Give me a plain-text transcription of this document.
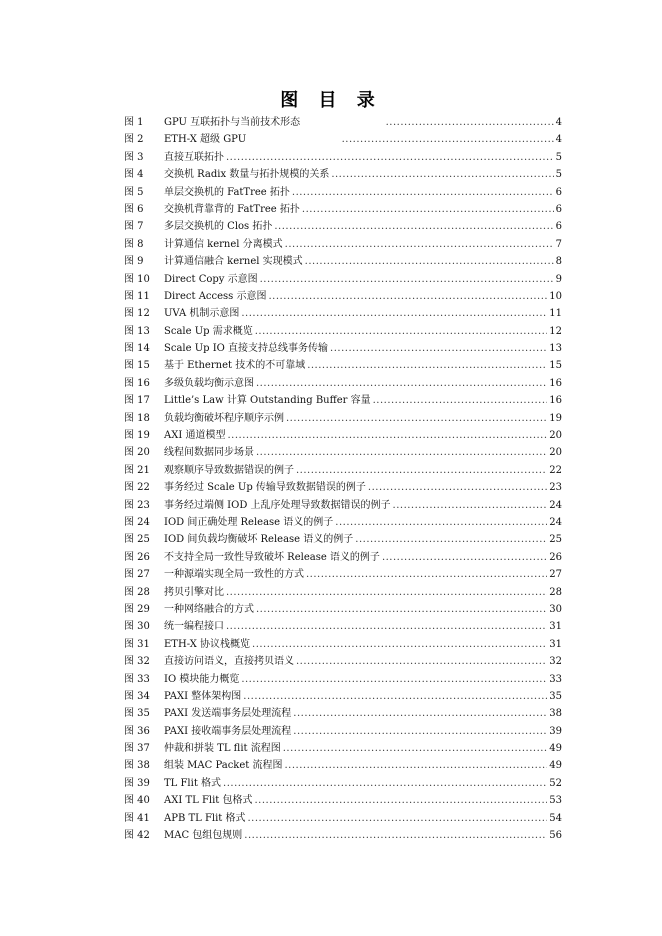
图 目 录
图 1	GPU 互联拓扑与当前技术形态 .....	4
图 2	ETH-X 超级 GPU .....	4
图 3	直接互联拓扑 .....	5
图 4	交换机 Radix 数量与拓扑规模的关系 .....	5
图 5	单层交换机的 FatTree 拓扑 .....	6
图 6	交换机背靠背的 FatTree 拓扑 .....	6
图 7	多层交换机的 Clos 拓扑 .....	6
图 8	计算通信 kernel 分离模式 .....	7
图 9	计算通信融合 kernel 实现模式 .....	8
图 10	Direct Copy 示意图 .....	9
图 11	Direct Access 示意图 .....	10
图 12	UVA 机制示意图 .....	11
图 13	Scale Up 需求概览 .....	12
图 14	Scale Up IO 直接支持总线事务传输 .....	13
图 15	基于 Ethernet 技术的不可靠域 .....	15
图 16	多级负载均衡示意图 .....	16
图 17	Little’s Law 计算 Outstanding Buffer 容量 .....	16
图 18	负载均衡破坏程序顺序示例 .....	19
图 19	AXI 通道模型 .....	20
图 20	线程间数据同步场景 .....	20
图 21	观察顺序导致数据错误的例子 .....	22
图 22	事务经过 Scale Up 传输导致数据错误的例子 .....	23
图 23	事务经过端侧 IOD 上乱序处理导致数据错误的例子 .....	24
图 24	IOD 间正确处理 Release 语义的例子 .....	24
图 25	IOD 间负载均衡破坏 Release 语义的例子 .....	25
图 26	不支持全局一致性导致破坏 Release 语义的例子 .....	26
图 27	一种源端实现全局一致性的方式 .....	27
图 28	拷贝引擎对比 .....	28
图 29	一种网络融合的方式 .....	30
图 30	统一编程接口 .....	31
图 31	ETH-X 协议栈概览 .....	31
图 32	直接访问语义，直接拷贝语义 .....	32
图 33	IO 模块能力概览 .....	33
图 34	PAXI 整体架构图 .....	35
图 35	PAXI 发送端事务层处理流程 .....	38
图 36	PAXI 接收端事务层处理流程 .....	39
图 37	仲裁和拼装 TL flit 流程图 .....	49
图 38	组装 MAC Packet 流程图 .....	49
图 39	TL Flit 格式 .....	52
图 40	AXI TL Flit 包格式 .....	53
图 41	APB TL Flit 格式 .....	54
图 42	MAC 包组包规则 .....	56
